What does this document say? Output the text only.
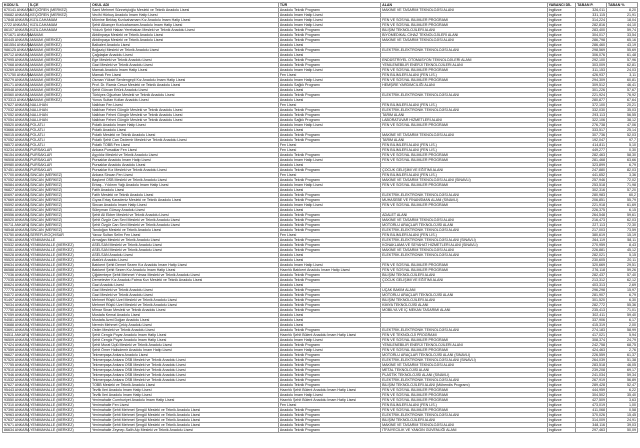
KODU İL	İLÇE	OKUL ADI	TÜR	ALAN	YABANCI DİL	TABAN P.	TABAN %
670141 ANKARA	KEÇİÖREN (MERKEZ)	Sami Mehmet Sünnetçioğlu Mesleki ve Teknik Anadolu Lisesi	Anadolu Teknik Programı	MAKİNE VE TASARIM TEKNOLOJİSİ ALANI	İngilizce	326,011	8,20
95682 ANKARA	KEÇİÖREN (MERKEZ)	Vecihi Hürkuş Anadolu İmam Hatip Lisesi	Anadolu İmam Hatip Lisesi		İngilizce	331,115	21,91
17848 ANKARA	KIZILCAHAMAM	Mümine Bektaş Kızılcahamam Kız Anadolu İmam Hatip Lisesi	Anadolu İmam Hatip Lisesi	FEN VE SOSYAL BİLİMLER PROGRAMI	İngilizce	314,224	18,04
2722 ANKARA	KIZILCAHAMAM	Şehit Alkançer Kızılcahamam Anadolu İmam Hatip Lisesi	Anadolu İmam Hatip Lisesi	FEN VE SOSYAL BİLİMLER PROGRAMI	İngilizce	282,816	44,10
86107 ANKARA	KIZILCAHAMAM	Yıldızlı Şehit Hakan Yerebakan Mesleki ve Teknik Anadolu Lisesi	Anadolu Teknik Programı	BİLİŞİM TEKNOLOJİLERİ ALANI	İngilizce	283,400	59,74
971671 ANKARA	MAMAK	Abidinpaşa Mesleki ve Teknik Anadolu Lisesi	Anadolu Teknik Programı	BİYOMEDİKAL CİHAZ TEKNOLOJİLERİ ALANI	İngilizce	304,017	33,54
80445 ANKARA	MAMAK (MERKEZ)	Abidinpaşa Mesleki ve Teknik Anadolu Lisesi	Anadolu Teknik Programı	MAKİNE VE TASARIM TEKNOLOJİSİ ALANI	İngilizce	286,798	65,16
681554 ANKARA	MAMAK (MERKEZ)	Balkaleri Anadolu Lisesi	Anadolu Lisesi		İngilizce	286,460	43,19
986125 ANKARA	MAMAK (MERKEZ)	Boğaziçi Mesleki ve Teknik Anadolu Lisesi	Anadolu Teknik Programı	ELEKTRİK-ELEKTRONİK TEKNOLOJİSİ ALANI	İngilizce	298,569	55,69
89712 ANKARA	MAMAK (MERKEZ)	Çağdaşlar Anadolu Lisesi	Anadolu Lisesi		İngilizce	306,076	61,48
87995 ANKARA	MAMAK (MERKEZ)	Ege Mesleki ve Teknik Anadolu Lisesi	Anadolu Teknik Programı	ENDÜSTRİYEL OTOMASYON TEKNOLOJİLERİ ALANI	İngilizce	292,100	57,96
97068 ANKARA	MAMAK (MERKEZ)	Gazi Mesleki ve Teknik Anadolu Lisesi	Anadolu Teknik Programı	YENİLENEBİLİR ENERJİ TEKNOLOJİLERİ ALANI	İngilizce	303,009	62,81
93269 ANKARA	MAMAK (MERKEZ)	Mamak Anadolu İmam Hatip Lisesi	Anadolu İmam Hatip Lisesi	FEN VE SOSYAL BİLİMLER PROGRAMI	İngilizce	311,153	24,03
971750 ANKARA	MAMAK (MERKEZ)	Mamak Fen Lisesi	Fen Lisesi	FEN BİLİMLERİ ALANI (FEN LİS.)	İngilizce	426,937	3,11
95279 ANKARA	MAMAK (MERKEZ)	Osman Yüksel Serdengeçti Kız Anadolu İmam Hatip Lisesi	Anadolu İmam Hatip Lisesi	FEN VE SOSYAL BİLİMLER PROGRAMI	İngilizce	294,309	60,81
89171 ANKARA	MAMAK (MERKEZ)	Prof. Dr. Ramiz Cesur Mesleki ve Teknik Anadolu Lisesi	Anadolu Sağlık Programı	HEMŞİRE YARDIMCILIĞI ALANI	İngilizce	309,512	46,41
89548 ANKARA	MAMAK (MERKEZ)	Şehit Gürcan Ertürk Anadolu Lisesi	Anadolu Lisesi		İngilizce	301,226	57,67
80560 ANKARA	MAMAK (MERKEZ)	Türkiyes Oğuzhan Mesleki ve Teknik Anadolu Lisesi	Anadolu Teknik Programı	ELEKTRİK-ELEKTRONİK TEKNOLOJİSİ ALANI	İngilizce	221,924	76,92
973313 ANKARA	MAMAK (MERKEZ)	Yunus Sultan Kolları Anadolu Lisesi	Anadolu Lisesi		İngilizce	280,877	67,64
97627 ANKARA	NALLIHAN	Nallıhan Fen Lisesi	Fen Lisesi	FEN BİLİMLERİ ALANI (FEN LİS.)	İngilizce	372,100	20,21
77032 ANKARA	NALLIHAN	Nallıhan Fehmi Güngör Mesleki ve Teknik Anadolu Lisesi	Anadolu Teknik Programı	ELEKTRİK-ELEKTRONİK TEKNOLOJİSİ ALANI	İngilizce	332,030	35,03
57052 ANKARA	NALLIHAN	Nallıhan Fehmi Güngör Mesleki ve Teknik Anadolu Lisesi	Anadolu Teknik Programı	TARIM ALANI	İngilizce	293,113	56,55
97054 ANKARA	NALLIHAN	Nallıhan Fehmi Güngör Mesleki ve Teknik Anadolu Lisesi	Anadolu Sağlık Programı	LABORATUVAR HİZMETLERİ ALANI	İngilizce	322,106	38,12
95520 ANKARA	POLATLI	Polatlı Anadolu İmam Hatip Lisesi	Anadolu İmam Hatip Lisesi	FEN VE SOSYAL BİLİMLER PROGRAMI	İngilizce	276,738	47,06
93666 ANKARA	POLATLI	Polatlı Anadolu Lisesi	Anadolu Lisesi		İngilizce	333,517	25,14
96015 ANKARA	POLATLI	Polatlı Mesleki ve Teknik Anadolu Lisesi	Anadolu Teknik Programı	MAKİNE VE TASARIM TEKNOLOJİSİ ALANI	İngilizce	307,736	52,03
97052 ANKARA	POLATLI	Polatlı Şehit Can Özdemir Mesleki ve Teknik Anadolu Lisesi	Anadolu Teknik Programı	TARIM ALANI	İngilizce	192,047	97,7
98572 ANKARA	POLATLI	Polatlı TOBB Fen Lisesi	Fen Lisesi	FEN BİLİMLERİ ALANI (FEN LİS.)	İngilizce	414,811	5,10
93234 ANKARA	PURSAKLAR	Ankara Pursaklar Fen Lisesi	Fen Lisesi	FEN BİLİMLERİ ALANI (FEN LİS.)	İngilizce	449,277	0,30
96154 ANKARA	PURSAKLAR	Ayyıldız Mesleki ve Teknik Anadolu Lisesi	Anadolu Teknik Programı	FEN VE SOSYAL BİLİMLER PROGRAMI	İngilizce	282,463	58,30
96508 ANKARA	PURSAKLAR	Pursaklar Anadolu İmam Hatip Lisesi	Anadolu İmam Hatip Lisesi	FEN VE SOSYAL BİLİMLER PROGRAMI	İngilizce	281,468	63,66
89980 ANKARA	PURSAKLAR	Pursaklar Anadolu Anadolu Lisesi	Anadolu Lisesi		İngilizce	323,899	6,79
57451 ANKARA	PURSAKLAR	Pursaklar Kız Mesleki ve Teknik Anadolu Lisesi	Anadolu Teknik Programı	ÇOCUK GELİŞİMİ VE EĞİTİMİ ALANI	İngilizce	247,880	82,03
97700 ANKARA	SİNCAN (MERKEZ)	Ankara Sincan Fen Lisesi	Fen Lisesi	FEN BİLİMLERİ ALANI (FEN LİS.)	İngilizce	441,652	3,36
97052 ANKARA	SİNCAN (MERKEZ)	Başkent OSB Mesleki ve Teknik Anadolu Lisesi	Anadolu Teknik Programı	MAKİNE VE TASARIM TEKNOLOJİSİ ALANI (SINAVLI)	İngilizce	257,946	72,02
96584 ANKARA	SİNCAN (MERKEZ)	Erbaş - Yıldırım Yağı Anadolu İmam Hatip Lisesi	Anadolu İmam Hatip Lisesi	FEN VE SOSYAL BİLİMLER PROGRAMI	İngilizce	253,518	71,98
96827 ANKARA	SİNCAN (MERKEZ)	Fatih Anadolu Lisesi	Anadolu Lisesi		İngilizce	302,316	57,20
80697 ANKARA	SİNCAN (MERKEZ)	Fatih Mesleki ve Teknik Anadolu Lisesi	Anadolu Teknik Programı	ELEKTRİK-ELEKTRONİK TEKNOLOJİSİ ALANI	İngilizce	280,983	60,2
97669 ANKARA	SİNCAN (MERKEZ)	Gıyas Ertaş Karadeniz Mesleki ve Teknik Anadolu Lisesi	Anadolu Teknik Programı	MUHASEBE VE FİNANSMAN ALANI (SINAVLI)	İngilizce	206,851	55,79
95592 ANKARA	SİNCAN (MERKEZ)	Sincan Anadolu İmam Hatip Lisesi	Anadolu İmam Hatip Lisesi	FEN VE SOSYAL BİLİMLER PROGRAMI	İngilizce	221,918	61,69
86581 ANKARA	SİNCAN (MERKEZ)	Süleyman Gürsoy Anadolu Lisesi	Anadolu Lisesi		İngilizce	226,375	6,15
89556 ANKARA	SİNCAN (MERKEZ)	Şehit Ali Ekber Mesleki ve Teknik Anadolu Lisesi	Anadolu Teknik Programı	ADALET ALANI	İngilizce	264,548	59,61
86520 ANKARA	SİNCAN (MERKEZ)	Şehit Özgür Can Sevi Mesleki ve Teknik Anadolu Lisesi	Anadolu Teknik Programı	MAKİNE VE TASARIM TEKNOLOJİSİ ALANI	İngilizce	216,473	62,03
90711 ANKARA	SİNCAN (MERKEZ)	Şehit Özgür Can Sevi Mesleki ve Teknik Anadolu Lisesi	Anadolu Teknik Programı	MOTORLU ARAÇLAR TEKNOLOJİSİ ALANI	İngilizce	227,113	72,30
98548 ANKARA	SİNCAN (MERKEZ)	Tandoğan Mesleki ve Teknik Anadolu Lisesi	Anadolu Teknik Programı	ELEKTRİK-ELEKTRONİK TEKNOLOJİSİ ALANI	İngilizce	217,003	73,59
93750 ANKARA	SEREFLİKOÇHİSAR	Yavuz Sultan Selim Fen Lisesi	Fen Lisesi	FEN BİLİMLERİ ALANI (FEN LİS.)	İngilizce	380,619	15,19
97061 ANKARA	YENİMAHALLE	Armağan Mesleki ve Teknik Anadolu Lisesi	Anadolu Teknik Programı	ELEKTRİK-ELEKTRONİK TEKNOLOJİSİ ALANI (SINAVLI)	İngilizce	264,119	58,11
90532 ANKARA	YENİMAHALLE (MERKEZ)	ASELSAN Mesleki ve Teknik Anadolu Lisesi	Anadolu Teknik Programı	KONAKLAMA VE SEYAHAT HİZMETLERİ ALANI (SINAVLI)	İngilizce	270,959	8,43
91551 ANKARA	YENİMAHALLE (MERKEZ)	ASELSAN Mesleki ve Teknik Anadolu Lisesi	Anadolu Teknik Programı	MAKİNE VE TASARIM TEKNOLOJİSİ ALANI	İngilizce	226,881	45,12
96028 ANKARA	YENİMAHALLE (MERKEZ)	ASELSAN Anadolu Lisesi	Anadolu Lisesi	ELEKTRİK-ELEKTRONİK TEKNOLOJİSİ ALANI	İngilizce	282,021	5,15
95520 ANKARA	YENİMAHALLE (MERKEZ)	Atatürk Anadolu Lisesi	Anadolu Lisesi		İngilizce	230,605	20,11
89634 ANKARA	YENİMAHALLE (MERKEZ)	Batıkent Şehit Demet Sezen Kız Anadolu İmam Hatip Lisesi	Anadolu İmam Hatip Lisesi	FEN VE SOSYAL BİLİMLER PROGRAMI	İngilizce	320,669	29,51
86588 ANKARA	YENİMAHALLE (MERKEZ)	Batıkent Şehit Sezen Kız Anadolu İmam Hatip Lisesi	Hazırlık Batıkent Anadolu İmam Hatip Lisesi	FEN VE SOSYAL BİLİMLER PROGRAMI	İngilizce	276,118	59,26
77036 ANKARA	YENİMAHALLE (MERKEZ)	Çiğdemtepe Şehit Mehmet Yılmaz Mesleki ve Teknik Anadolu Lisesi	Anadolu Teknik Programı	BİLİŞİM TEKNOLOJİLERİ ALANI	İngilizce	282,437	57,40
77035 ANKARA	YENİMAHALLE (MERKEZ)	Demetevler Kız Anadolu Fatma Kızı Mesleki ve Teknik Anadolu Lisesi	Anadolu Teknik Programı	ÇOCUK GELİŞİMİ VE EĞİTİMİ ALANI	İngilizce	213,312	62,12
80624 ANKARA	YENİMAHALLE (MERKEZ)	Gazi Anadolu Lisesi	Anadolu Lisesi		İngilizce	403,313	2,69
77775 ANKARA	YENİMAHALLE (MERKEZ)	Gazi Mesleki ve Teknik Anadolu Lisesi	Anadolu Teknik Programı	UÇAK BAKIM ALANI	İngilizce	296,298	15,97
94072 ANKARA	YENİMAHALLE (MERKEZ)	Gazi Mesleki ve Teknik Anadolu Lisesi	Anadolu Teknik Programı	MOTORLU ARAÇLAR TEKNOLOJİSİ ALANI	İngilizce	281,907	6,79
91497 ANKARA	YENİMAHALLE (MERKEZ)	Mehmet Rüştü Uzel Mesleki ve Teknik Anadolu Lisesi	Anadolu Teknik Programı	BİLİŞİM TEKNOLOJİLERİ ALANI	İngilizce	301,520	6,30
76034 ANKARA	YENİMAHALLE (MERKEZ)	Mehmet Rüştü Uzel Mesleki ve Teknik Anadolu Lisesi	Anadolu Teknik Programı	KİMYA TEKNOLOJİSİ ALANI	İngilizce	282,772	55,36
77750 ANKARA	YENİMAHALLE (MERKEZ)	Mimar Sinan Mesleki ve Teknik Anadolu Lisesi	Anadolu Teknik Programı	MOBİLYA VE İÇ MEKAN TASARIMI ALANI	İngilizce	235,413	71,01
97059 ANKARA	YENİMAHALLE (MERKEZ)	Mustafa Kemal Anadolu Lisesi	Anadolu Lisesi		İngilizce	302,411	59,40
94081 ANKARA	YENİMAHALLE (MERKEZ)	Mustafa Azmi Doğan Anadolu Lisesi	Anadolu Lisesi		İngilizce	337,906	6,17
93688 ANKARA	YENİMAHALLE (MERKEZ)	Nermin Mehmet Çekiç Anadolu Lisesi	Anadolu Lisesi		İngilizce	415,319	2,00
93691 ANKARA	YENİMAHALLE (MERKEZ)	Ostim Mesleki ve Teknik Anadolu Lisesi	Anadolu Teknik Programı	ELEKTRİK-ELEKTRONİK TEKNOLOJİSİ ALANI	İngilizce	274,183	58,99
94511 ANKARA	YENİMAHALLE (MERKEZ)	Şehit Cengiz Poyar Anadolu İmam Hatip Lisesi	Hazırlık Şehit Bülent Anadolu İmam Hatip Lisesi	FEN VE TEKNOLOJİ PROGRAMI	İngilizce	417,021	5,94
96509 ANKARA	YENİMAHALLE (MERKEZ)	Şehit Cengiz Poyar Anadolu İmam Hatip Lisesi	Anadolu İmam Hatip Lisesi	FEN VE SOSYAL BİLİMLER PROGRAMI	İngilizce	308,374	24,79
97424 ANKARA	YENİMAHALLE (MERKEZ)	Şehit Murat Üçlü Mesleki ve Teknik Anadolu Lisesi	Anadolu Teknik Programı	YENİLENEBİLİR ENERJİ TEKNOLOJİLERİ ALANI	İngilizce	242,758	68,75
97559 ANKARA	YENİMAHALLE (MERKEZ)	Şehit Ömer Halisdemir Anadolu İmam Hatip Lisesi	Anadolu İmam Hatip Lisesi	FEN VE SOSYAL BİLİMLER PROGRAMI	İngilizce	424,463	2,76
96627 ANKARA	YENİMAHALLE (MERKEZ)	Tekmerpaşa Ankara Anadolu Lisesi	Anadolu Teknik Programı	MOTORLU ARAÇLAR TEKNOLOJİSİ ALANI (SINAVLI)	İngilizce	226,559	61,37
97520 ANKARA	YENİMAHALLE (MERKEZ)	Tekmerpaşa Ankara OSB Mesleki ve Teknik Anadolu Lisesi	Anadolu Teknik Programı	ELEKTRİK-ELEKTRONİK TEKNOLOJİSİ ALANI (SINAVLI)	İngilizce	264,039	51,38
77755 ANKARA	YENİMAHALLE (MERKEZ)	Tekmerpaşa Ankara OSB Mesleki ve Teknik Anadolu Lisesi	Anadolu Teknik Programı	MAKİNE VE TASARIM TEKNOLOJİSİ ALANI	İngilizce	283,518	46,05
97510 ANKARA	YENİMAHALLE (MERKEZ)	Tekmerpaşa Ankara OSB Mesleki ve Teknik Anadolu Lisesi	Anadolu Teknik Programı	METAL TEKNOLOJİSİ ALANI	İngilizce	239,208	69,17
97546 ANKARA	YENİMAHALLE (MERKEZ)	Tekmerpaşa Ankara OSB Mesleki ve Teknik Anadolu Lisesi	Anadolu Teknik Programı	PLASTİK TEKNOLOJİSİ ALANI (SINAVLI)	İngilizce	241,034	59,34
91532 ANKARA	YENİMAHALLE (MERKEZ)	Tekmerpaşa Ankara OSB Mesleki ve Teknik Anadolu Lisesi	Anadolu Teknik Programı	ELEKTRİK-ELEKTRONİK TEKNOLOJİSİ ALANI	İngilizce	267,919	56,89
87627 ANKARA	YENİMAHALLE (MERKEZ)	TOBB Mesleki ve Teknik Anadolu Lisesi	Anadolu Teknik Programı	BİLİŞİM TEKNOLOJİLERİ ALANI (Mühendis Programı)	İngilizce	289,428	52,47
95443 ANKARA	YENİMAHALLE (MERKEZ)	Tevfik İleri Anadolu İmam Hatip Lisesi	Hazırlık Şehit Bülent Anadolu İmam Hatip Lisesi	FEN VE SOSYAL BİLİMLER PROGRAMI	İngilizce	444,959	6,22
97625 ANKARA	YENİMAHALLE (MERKEZ)	Tevfik İleri Anadolu İmam Hatip Lisesi	Anadolu İmam Hatip Lisesi	FEN VE SOSYAL BİLİMLER PROGRAMI	İngilizce	304,502	35,40
93550 ANKARA	YENİMAHALLE (MERKEZ)	Yenimahalle Cumhuriyet Anadolu İmam Hatip Lisesi	Hazırlık Şehit Bülent Anadolu İmam Hatip Lisesi	FEN VE SOSYAL BİLİMLER PROGRAMI	İngilizce	427,509	3,63
97310 ANKARA	YENİMAHALLE (MERKEZ)	Yenimahalle Fen Lisesi	Fen Lisesi	FEN BİLİMLERİ ALANI (FEN LİS.)	İngilizce	473,019	1,00
97390 ANKARA	YENİMAHALLE (MERKEZ)	Yenimahalle Şehit Mehmet Şengül Mesleki ve Teknik Anadolu Lisesi	Anadolu Teknik Programı	FEN VE SOSYAL BİLİMLER PROGRAMI	İngilizce	411,068	0,58
76963 ANKARA	YENİMAHALLE (MERKEZ)	Yenimahalle Şehit Mehmet Şengül Mesleki ve Teknik Anadolu Lisesi	Anadolu Teknik Programı	ELEKTRİK-ELEKTRONİK TEKNOLOJİSİ ALANI	İngilizce	370,026	15,45
97637 ANKARA	YENİMAHALLE (MERKEZ)	Yenimahalle Şehit Mehmet Şengül Mesleki ve Teknik Anadolu Lisesi	Anadolu Teknik Programı	BİLİŞİM TEKNOLOJİLERİ ALANI	İngilizce	314,009	24,91
97671 ANKARA	YENİMAHALLE (MERKEZ)	Yenimahalle Şehit Mehmet Şengül Mesleki ve Teknik Anadolu Lisesi	Anadolu Teknik Programı	MAKİNE VE TASARIM TEKNOLOJİSİ ALANI	İngilizce	348,116	39,03
86634 ANKARA	YENİMAHALLE (MERKEZ)	Yenimahalle Zeynep-Salih Alp Mesleki ve Teknik Anadolu Lisesi	Anadolu Teknik Programı	İTFAİYECİLİK VE YANGIN GÜVENLİĞİ ALANI	İngilizce	297,463	50,09
